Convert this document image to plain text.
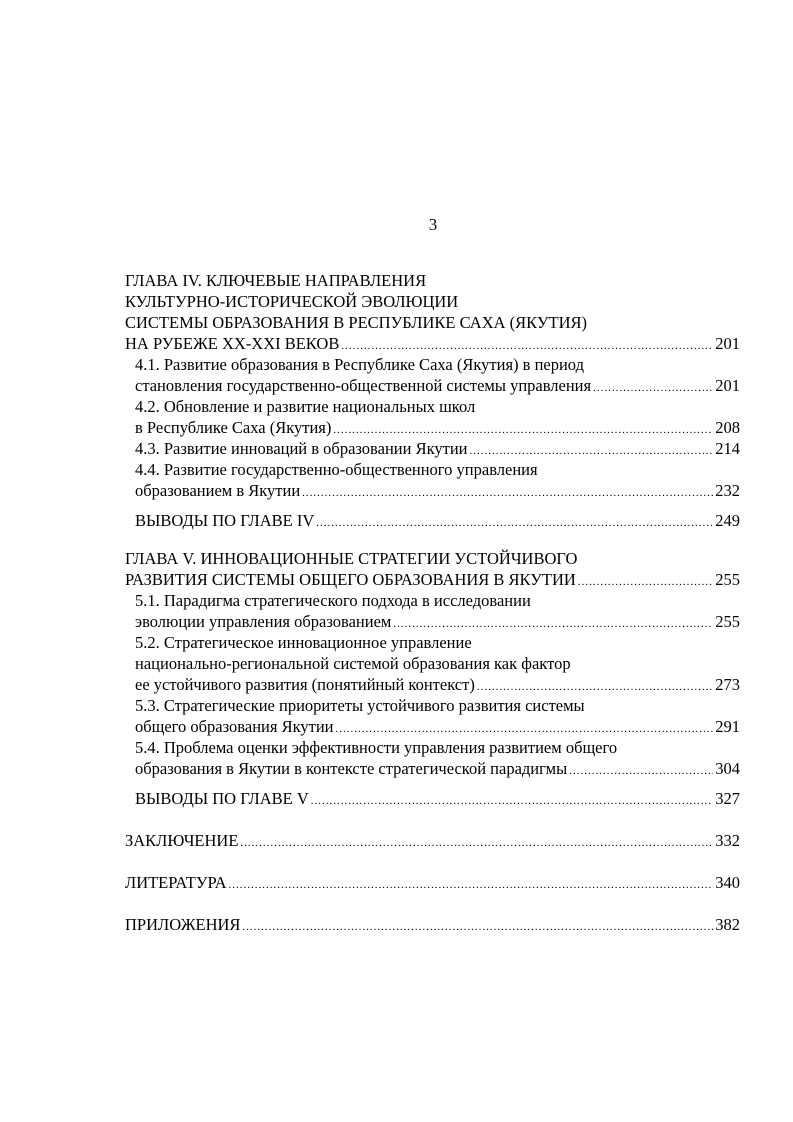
3
ГЛАВА IV. КЛЮЧЕВЫЕ НАПРАВЛЕНИЯ
КУЛЬТУРНО-ИСТОРИЧЕСКОЙ ЭВОЛЮЦИИ
СИСТЕМЫ ОБРАЗОВАНИЯ В РЕСПУБЛИКЕ САХА (ЯКУТИЯ)
НА РУБЕЖЕ XX-XXI ВЕКОВ .....	201
4.1. Развитие образования в Республике Саха (Якутия) в период
становления государственно-общественной системы управления .....	201
4.2. Обновление и развитие национальных школ
в Республике Саха (Якутия) .....	208
4.3. Развитие инноваций в образовании Якутии .....	214
4.4. Развитие государственно-общественного управления
образованием в Якутии .....	232
ВЫВОДЫ ПО ГЛАВЕ IV .....	249
ГЛАВА V. ИННОВАЦИОННЫЕ СТРАТЕГИИ УСТОЙЧИВОГО
РАЗВИТИЯ СИСТЕМЫ ОБЩЕГО ОБРАЗОВАНИЯ В ЯКУТИИ .....	255
5.1. Парадигма стратегического подхода в исследовании
эволюции управления образованием .....	255
5.2. Стратегическое инновационное управление
национально-региональной системой образования как фактор
ее устойчивого развития (понятийный контекст) .....	273
5.3. Стратегические приоритеты устойчивого развития системы
общего образования Якутии .....	291
5.4. Проблема оценки эффективности управления развитием общего
образования в Якутии в контексте стратегической парадигмы .....	304
ВЫВОДЫ ПО ГЛАВЕ V .....	327
ЗАКЛЮЧЕНИЕ .....	332
ЛИТЕРАТУРА .....	340
ПРИЛОЖЕНИЯ .....	382
